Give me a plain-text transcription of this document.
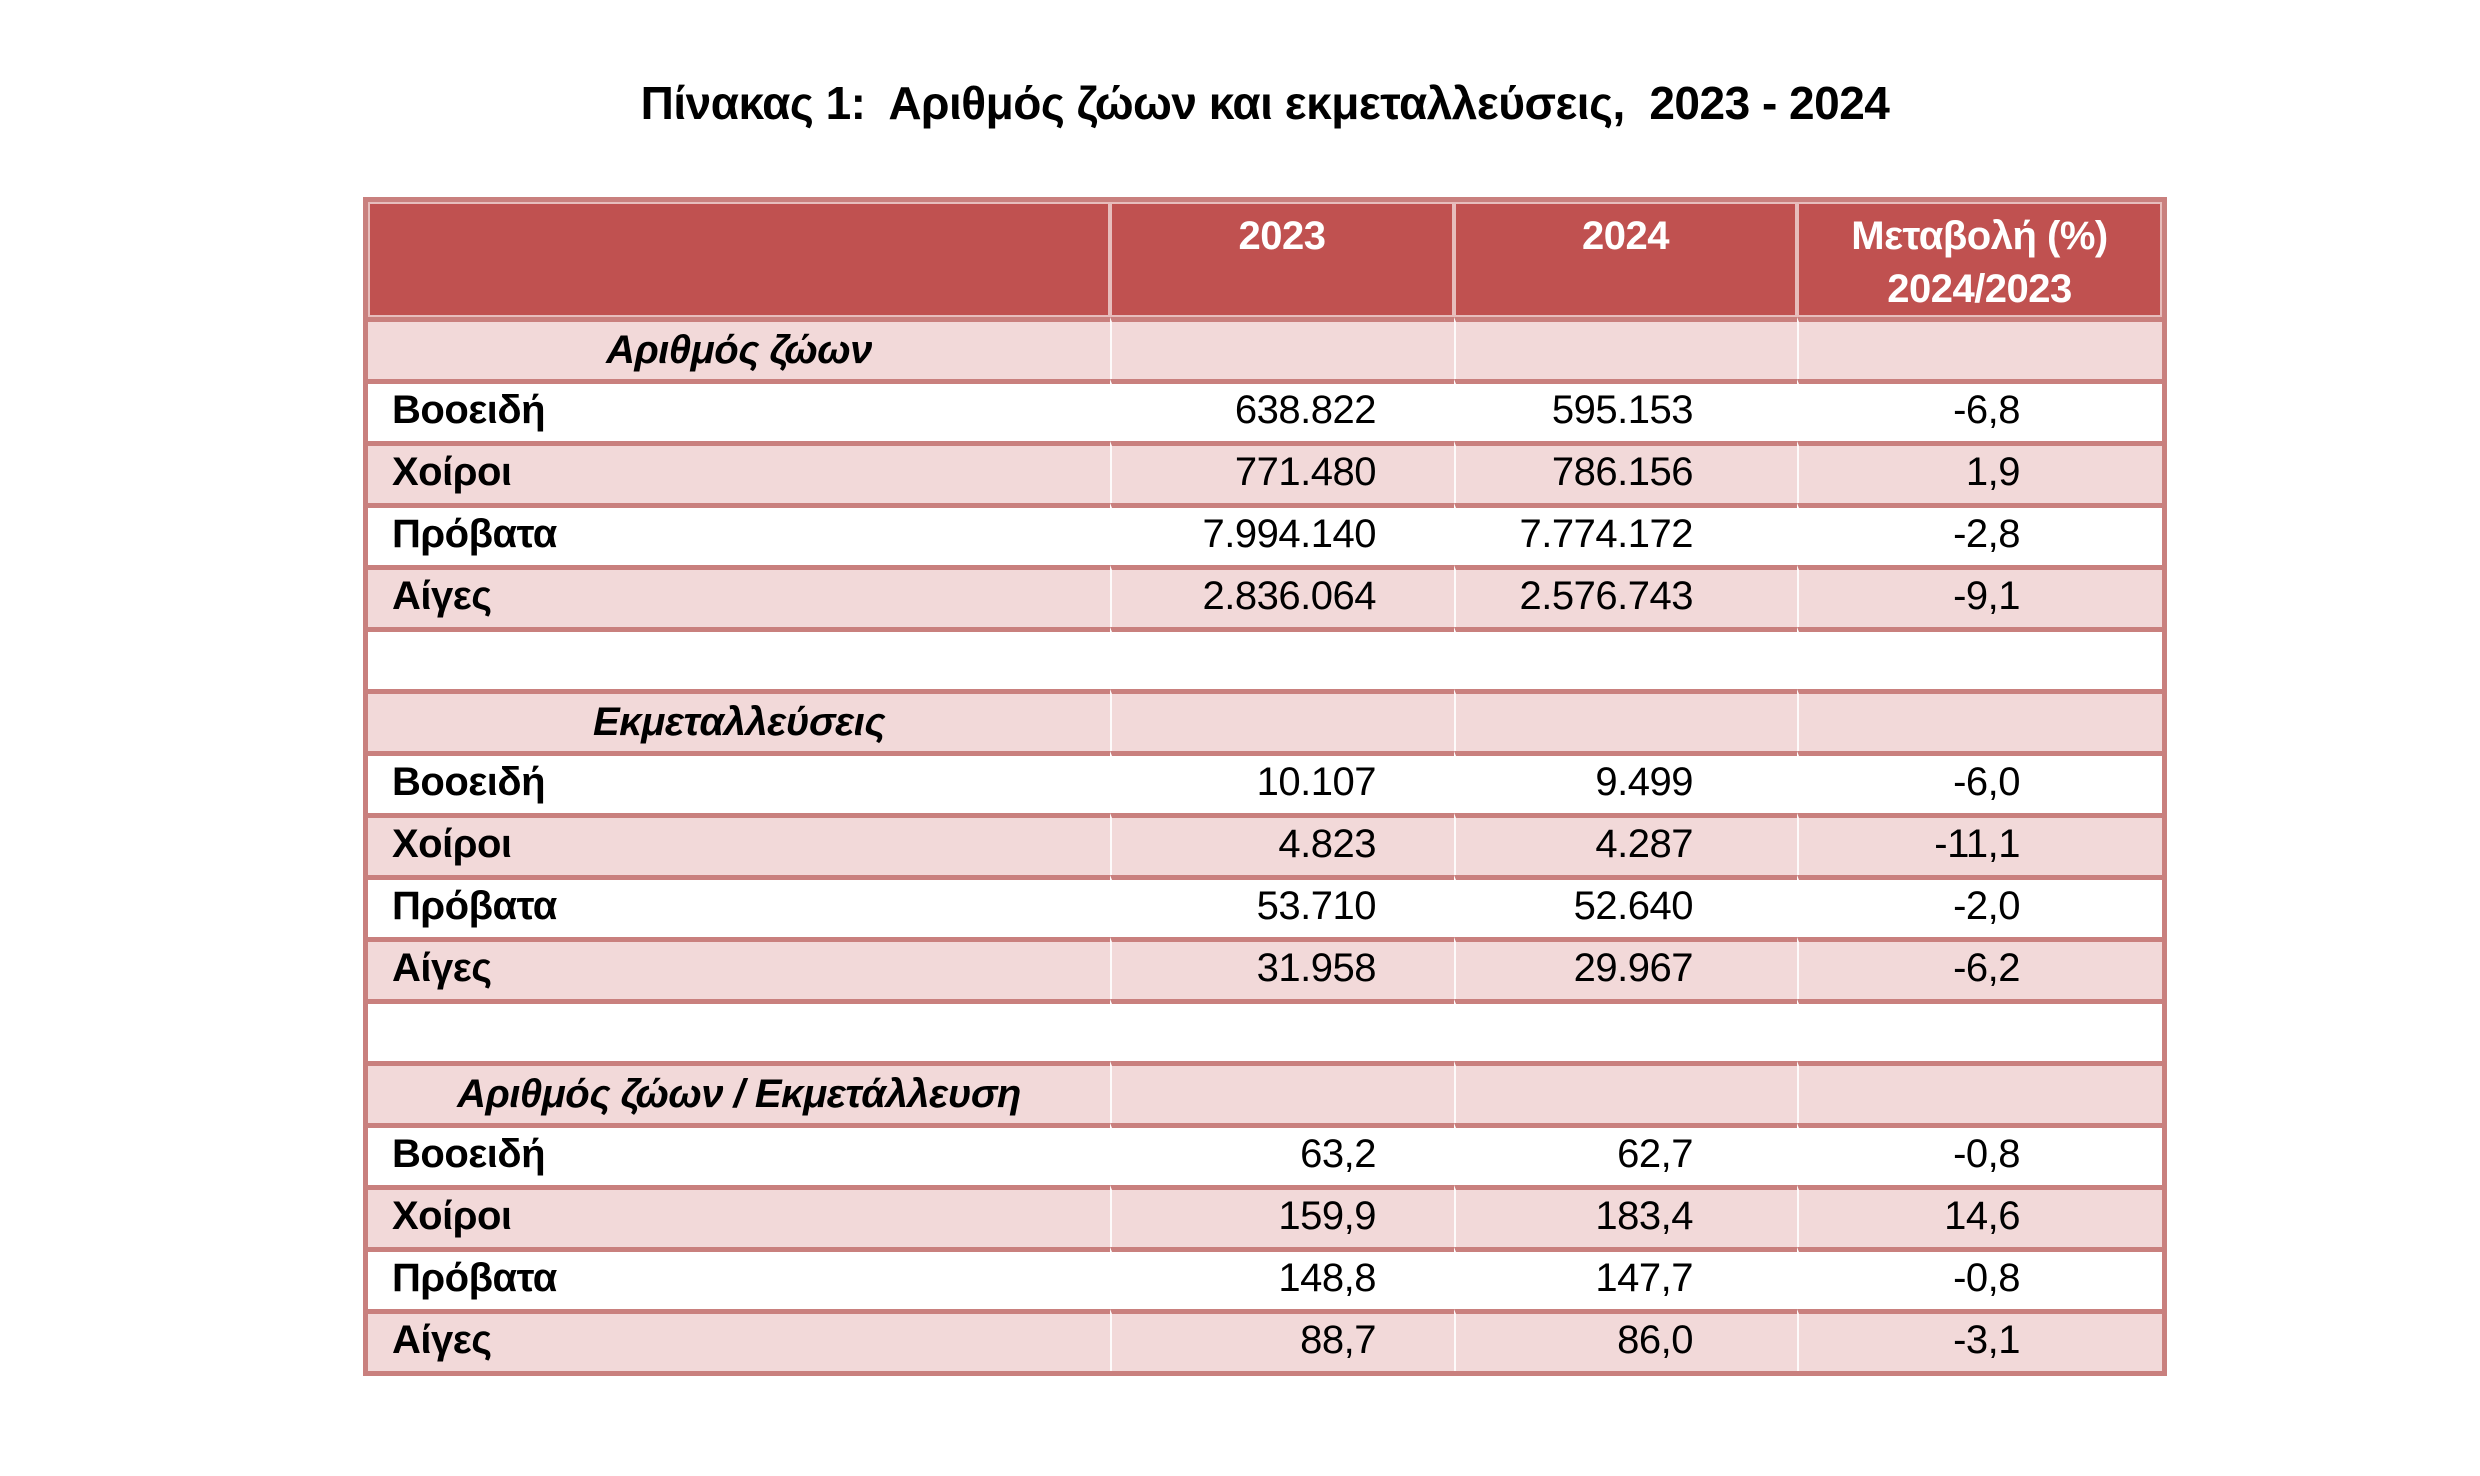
Πίνακας 1:  Αριθμός ζώων και εκμεταλλεύσεις,  2023 - 2024
	2023	2024	Μεταβολή (%)
2024/2023

Αριθμός ζώων			
Βοοειδή	638.822	595.153	-6,8
Χοίροι	771.480	786.156	1,9
Πρόβατα	7.994.140	7.774.172	-2,8
Αίγες	2.836.064	2.576.743	-9,1

Εκμεταλλεύσεις			
Βοοειδή	10.107	9.499	-6,0
Χοίροι	4.823	4.287	-11,1
Πρόβατα	53.710	52.640	-2,0
Αίγες	31.958	29.967	-6,2

Αριθμός ζώων / Εκμετάλλευση			
Βοοειδή	63,2	62,7	-0,8
Χοίροι	159,9	183,4	14,6
Πρόβατα	148,8	147,7	-0,8
Αίγες	88,7	86,0	-3,1
